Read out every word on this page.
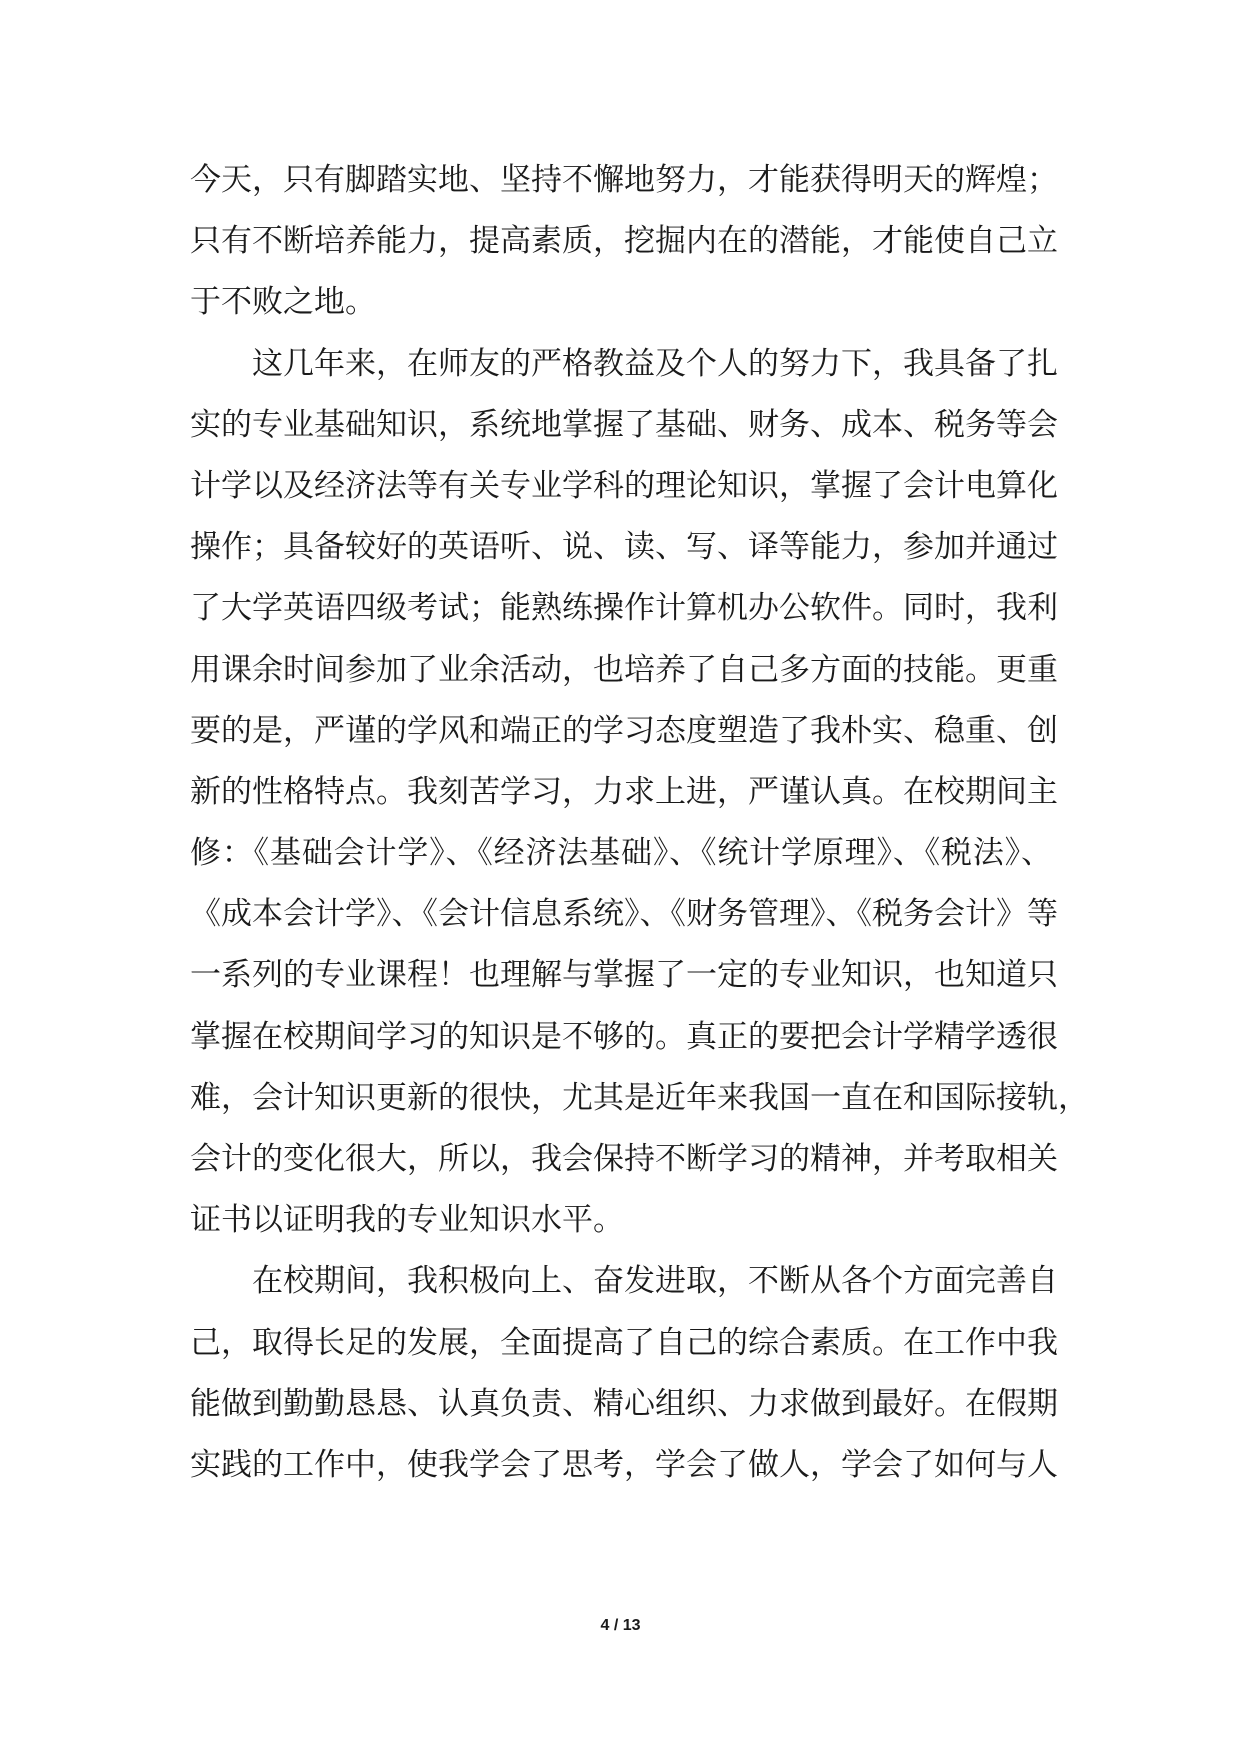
今天，只有脚踏实地、坚持不懈地努力，才能获得明天的辉煌；
只有不断培养能力，提高素质，挖掘内在的潜能，才能使自己立
于不败之地。
这几年来，在师友的严格教益及个人的努力下，我具备了扎
实的专业基础知识，系统地掌握了基础、财务、成本、税务等会
计学以及经济法等有关专业学科的理论知识，掌握了会计电算化
操作；具备较好的英语听、说、读、写、译等能力，参加并通过
了大学英语四级考试；能熟练操作计算机办公软件。同时，我利
用课余时间参加了业余活动，也培养了自己多方面的技能。更重
要的是，严谨的学风和端正的学习态度塑造了我朴实、稳重、创
新的性格特点。我刻苦学习，力求上进，严谨认真。在校期间主
修：《基础会计学》、《经济法基础》、《统计学原理》、《税法》、
《成本会计学》、《会计信息系统》、《财务管理》、《税务会计》等
一系列的专业课程！也理解与掌握了一定的专业知识，也知道只
掌握在校期间学习的知识是不够的。真正的要把会计学精学透很
难，会计知识更新的很快，尤其是近年来我国一直在和国际接轨，
会计的变化很大，所以，我会保持不断学习的精神，并考取相关
证书以证明我的专业知识水平。
在校期间，我积极向上、奋发进取，不断从各个方面完善自
己，取得长足的发展，全面提高了自己的综合素质。在工作中我
能做到勤勤恳恳、认真负责、精心组织、力求做到最好。在假期
实践的工作中，使我学会了思考，学会了做人，学会了如何与人
4 / 13
